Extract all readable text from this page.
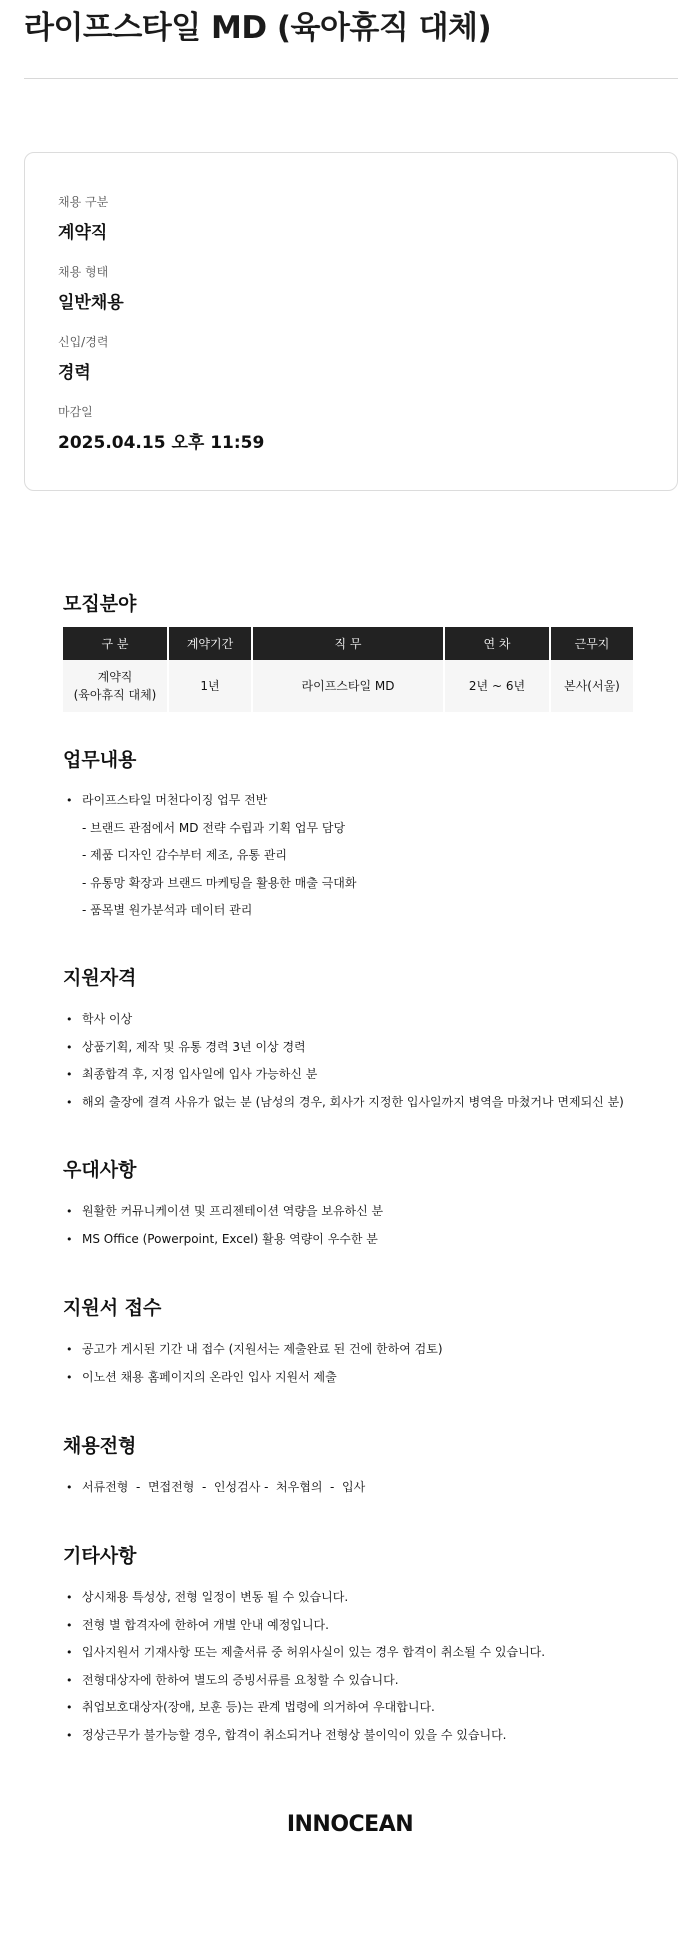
라이프스타일 MD (육아휴직 대체)
채용 구분
계약직
채용 형태
일반채용
신입/경력
경력
마감일
2025.04.15 오후 11:59
모집분야
구 분	계약기간	직 무	연 차	근무지
계약직
(육아휴직 대체)	1년	라이프스타일 MD	2년 ~ 6년	본사(서울)
업무내용
• 라이프스타일 머천다이징 업무 전반
- 브랜드 관점에서 MD 전략 수립과 기획 업무 담당
- 제품 디자인 감수부터 제조, 유통 관리
- 유통망 확장과 브랜드 마케팅을 활용한 매출 극대화
- 품목별 원가분석과 데이터 관리
지원자격
• 학사 이상
• 상품기획, 제작 및 유통 경력 3년 이상 경력
• 최종합격 후, 지정 입사일에 입사 가능하신 분
• 해외 출장에 결격 사유가 없는 분 (남성의 경우, 회사가 지정한 입사일까지 병역을 마쳤거나 면제되신 분)
우대사항
• 원활한 커뮤니케이션 및 프리젠테이션 역량을 보유하신 분
• MS Office (Powerpoint, Excel) 활용 역량이 우수한 분
지원서 접수
• 공고가 게시된 기간 내 접수 (지원서는 제출완료 된 건에 한하여 검토)
• 이노션 채용 홈페이지의 온라인 입사 지원서 제출
채용전형
• 서류전형  -  면접전형  -  인성검사 -  처우협의  -  입사
기타사항
• 상시채용 특성상, 전형 일정이 변동 될 수 있습니다.
• 전형 별 합격자에 한하여 개별 안내 예정입니다.
• 입사지원서 기재사항 또는 제출서류 중 허위사실이 있는 경우 합격이 취소될 수 있습니다.
• 전형대상자에 한하여 별도의 증빙서류를 요청할 수 있습니다.
• 취업보호대상자(장애, 보훈 등)는 관계 법령에 의거하여 우대합니다.
• 정상근무가 불가능할 경우, 합격이 취소되거나 전형상 불이익이 있을 수 있습니다.
INNOCEAN
